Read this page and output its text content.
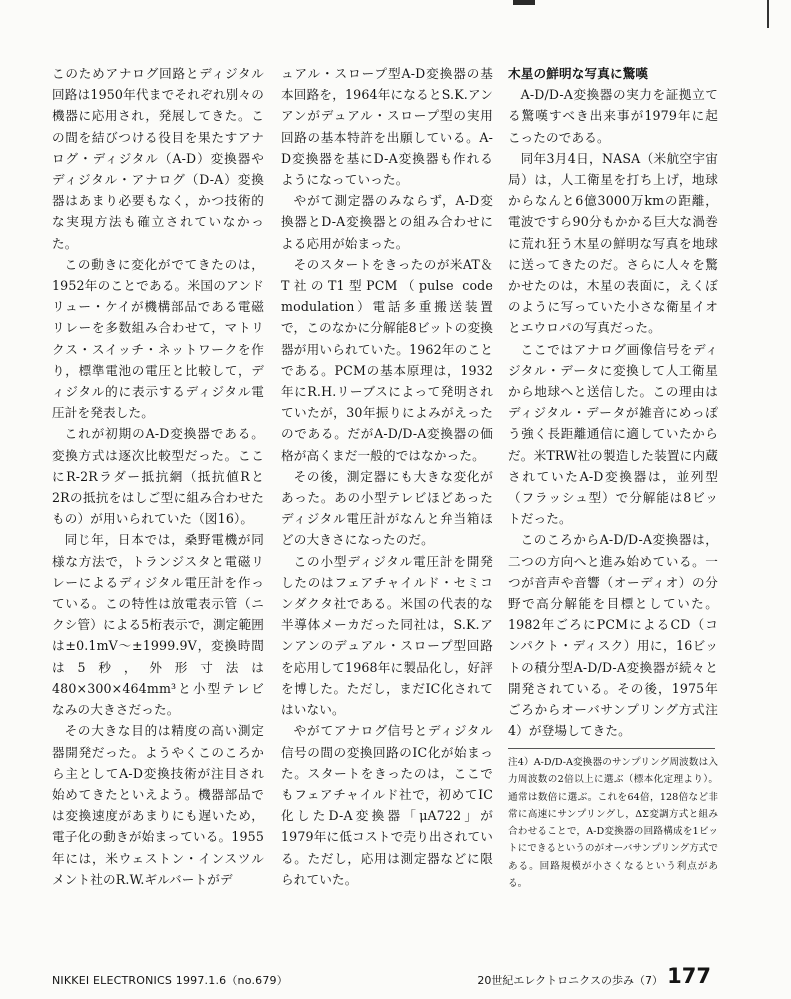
このためアナログ回路とディジタル回路は1950年代までそれぞれ別々の機器に応用され，発展してきた。この間を結びつける役目を果たすアナログ・ディジタル（A-D）変換器やディジタル・アナログ（D-A）変換器はあまり必要もなく，かつ技術的な実現方法も確立されていなかった。

この動きに変化がでてきたのは，1952年のことである。米国のアンドリュー・ケイが機構部品である電磁リレーを多数組み合わせて，マトリクス・スイッチ・ネットワークを作り，標準電池の電圧と比較して，ディジタル的に表示するディジタル電圧計を発表した。

これが初期のA-D変換器である。変換方式は逐次比較型だった。ここにR-2Rラダー抵抗網（抵抗値Rと2Rの抵抗をはしご型に組み合わせたもの）が用いられていた（図16）。

同じ年，日本では，桑野電機が同様な方法で，トランジスタと電磁リレーによるディジタル電圧計を作っている。この特性は放電表示管（ニクシ管）による5桁表示で，測定範囲は±0.1mV～±1999.9V，変換時間は5秒，外形寸法は480×300×464mm³と小型テレビなみの大きさだった。

その大きな目的は精度の高い測定器開発だった。ようやくこのころから主としてA-D変換技術が注目され始めてきたといえよう。機器部品では変換速度があまりにも遅いため，電子化の動きが始まっている。1955年には，米ウェストン・インスツルメント社のR.W.ギルバートがデ

ュアル・スロープ型A-D変換器の基本回路を，1964年になるとS.K.アンアンがデュアル・スロープ型の実用回路の基本特許を出願している。A-D変換器を基にD-A変換器も作れるようになっていった。

やがて測定器のみならず，A-D変換器とD-A変換器との組み合わせによる応用が始まった。

そのスタートをきったのが米AT＆T社のT1型PCM（pulse code modulation）電話多重搬送装置で，このなかに分解能8ビットの変換器が用いられていた。1962年のことである。PCMの基本原理は，1932年にR.H.リーブスによって発明されていたが，30年振りによみがえったのである。だがA-D/D-A変換器の価格が高くまだ一般的ではなかった。

その後，測定器にも大きな変化があった。あの小型テレビほどあったディジタル電圧計がなんと弁当箱ほどの大きさになったのだ。

この小型ディジタル電圧計を開発したのはフェアチャイルド・セミコンダクタ社である。米国の代表的な半導体メーカだった同社は，S.K.アンアンのデュアル・スロープ型回路を応用して1968年に製品化し，好評を博した。ただし，まだIC化されてはいない。

やがてアナログ信号とディジタル信号の間の変換回路のIC化が始まった。スタートをきったのは，ここでもフェアチャイルド社で，初めてIC化したD-A変換器「μA722」が1979年に低コストで売り出されている。ただし，応用は測定器などに限られていた。

木星の鮮明な写真に驚嘆

A-D/D-A変換器の実力を証拠立てる驚嘆すべき出来事が1979年に起こったのである。

同年3月4日，NASA（米航空宇宙局）は，人工衛星を打ち上げ，地球からなんと6億3000万kmの距離，電波ですら90分もかかる巨大な渦巻に荒れ狂う木星の鮮明な写真を地球に送ってきたのだ。さらに人々を驚かせたのは，木星の表面に，えくぼのように写っていた小さな衛星イオとエウロパの写真だった。

ここではアナログ画像信号をディジタル・データに変換して人工衛星から地球へと送信した。この理由はディジタル・データが雑音にめっぽう強く長距離通信に適していたからだ。米TRW社の製造した装置に内蔵されていたA-D変換器は，並列型（フラッシュ型）で分解能は8ビットだった。

このころからA-D/D-A変換器は，二つの方向へと進み始めている。一つが音声や音響（オーディオ）の分野で高分解能を目標としていた。1982年ごろにPCMによるCD（コンパクト・ディスク）用に，16ビットの積分型A-D/D-A変換器が続々と開発されている。その後，1975年ごろからオーバサンプリング方式注4）が登場してきた。

注4）A-D/D-A変換器のサンプリング周波数は入力周波数の2倍以上に選ぶ（標本化定理より）。通常は数倍に選ぶ。これを64倍，128倍など非常に高速にサンプリングし，ΔΣ変調方式と組み合わせることで，A-D変換器の回路構成を1ビットにできるというのがオーバサンプリング方式である。回路規模が小さくなるという利点がある。

NIKKEI ELECTRONICS 1997.1.6（no.679）	20世紀エレクトロニクスの歩み（7） 177
